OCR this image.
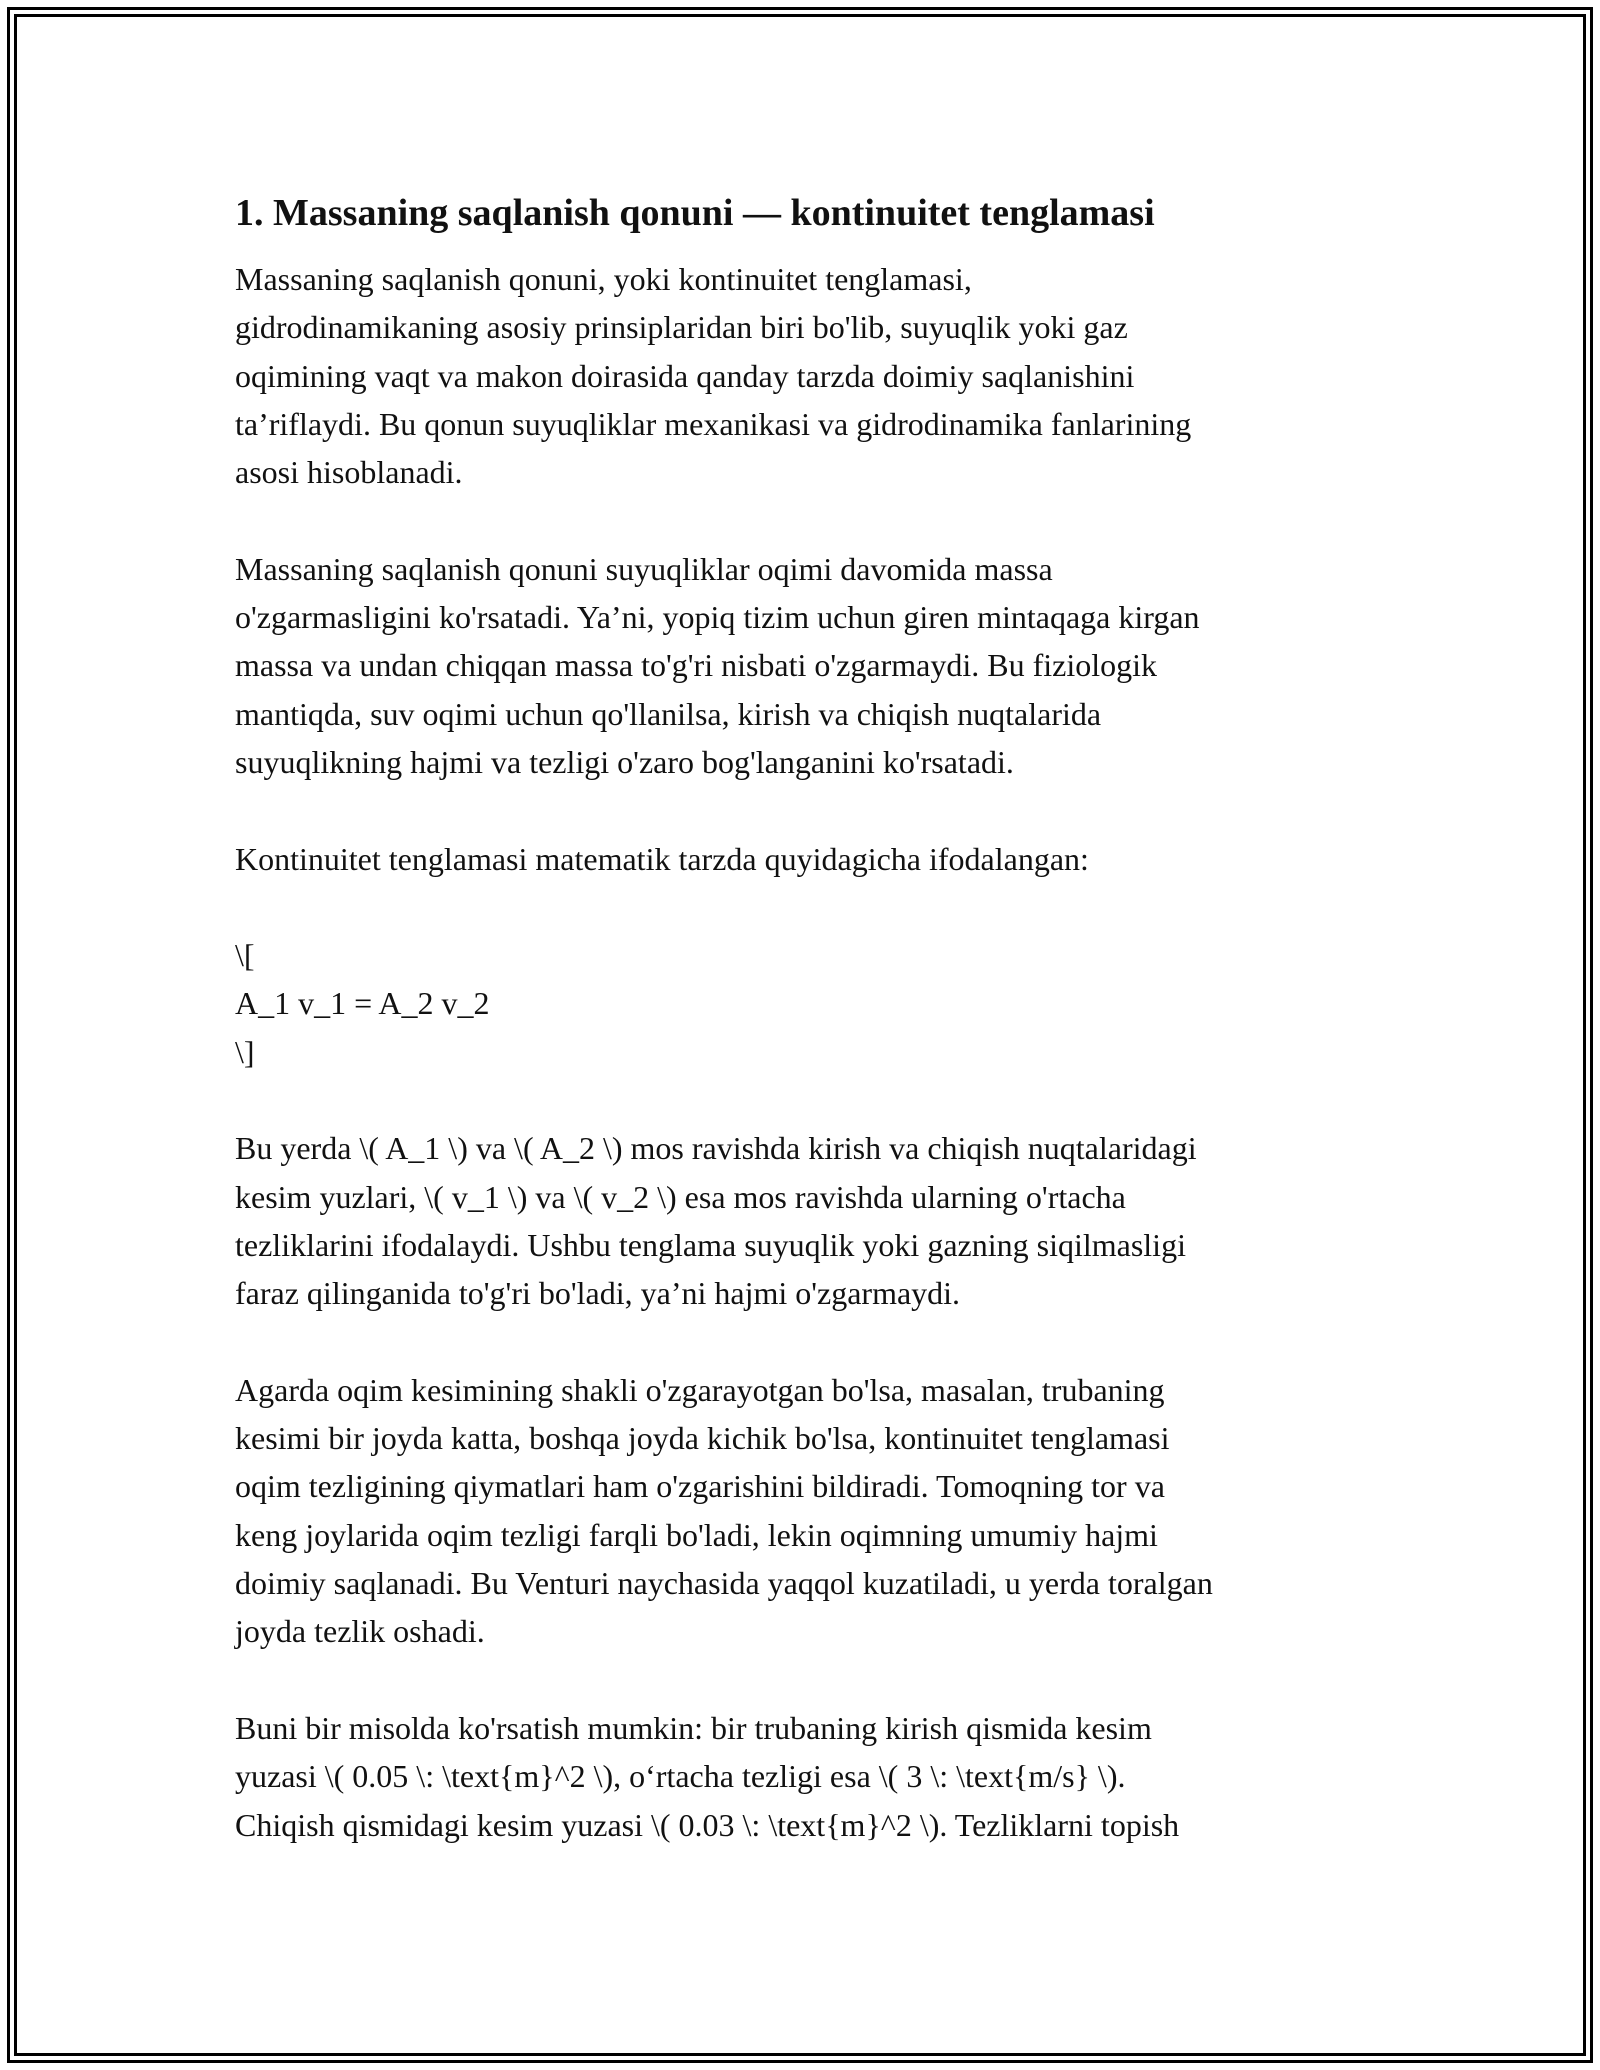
1. Massaning saqlanish qonuni — kontinuitet tenglamasi
Massaning saqlanish qonuni, yoki kontinuitet tenglamasi,
gidrodinamikaning asosiy prinsiplaridan biri bo'lib, suyuqlik yoki gaz
oqimining vaqt va makon doirasida qanday tarzda doimiy saqlanishini
ta’riflaydi. Bu qonun suyuqliklar mexanikasi va gidrodinamika fanlarining
asosi hisoblanadi.
Massaning saqlanish qonuni suyuqliklar oqimi davomida massa
o'zgarmasligini ko'rsatadi. Ya’ni, yopiq tizim uchun giren mintaqaga kirgan
massa va undan chiqqan massa to'g'ri nisbati o'zgarmaydi. Bu fiziologik
mantiqda, suv oqimi uchun qo'llanilsa, kirish va chiqish nuqtalarida
suyuqlikning hajmi va tezligi o'zaro bog'langanini ko'rsatadi.
Kontinuitet tenglamasi matematik tarzda quyidagicha ifodalangan:
\[
A_1 v_1 = A_2 v_2
\]
Bu yerda \( A_1 \) va \( A_2 \) mos ravishda kirish va chiqish nuqtalaridagi
kesim yuzlari, \( v_1 \) va \( v_2 \) esa mos ravishda ularning o'rtacha
tezliklarini ifodalaydi. Ushbu tenglama suyuqlik yoki gazning siqilmasligi
faraz qilinganida to'g'ri bo'ladi, ya’ni hajmi o'zgarmaydi.
Agarda oqim kesimining shakli o'zgarayotgan bo'lsa, masalan, trubaning
kesimi bir joyda katta, boshqa joyda kichik bo'lsa, kontinuitet tenglamasi
oqim tezligining qiymatlari ham o'zgarishini bildiradi. Tomoqning tor va
keng joylarida oqim tezligi farqli bo'ladi, lekin oqimning umumiy hajmi
doimiy saqlanadi. Bu Venturi naychasida yaqqol kuzatiladi, u yerda toralgan
joyda tezlik oshadi.
Buni bir misolda ko'rsatish mumkin: bir trubaning kirish qismida kesim
yuzasi \( 0.05 \: \text{m}^2 \), o‘rtacha tezligi esa \( 3 \: \text{m/s} \).
Chiqish qismidagi kesim yuzasi \( 0.03 \: \text{m}^2 \). Tezliklarni topish
